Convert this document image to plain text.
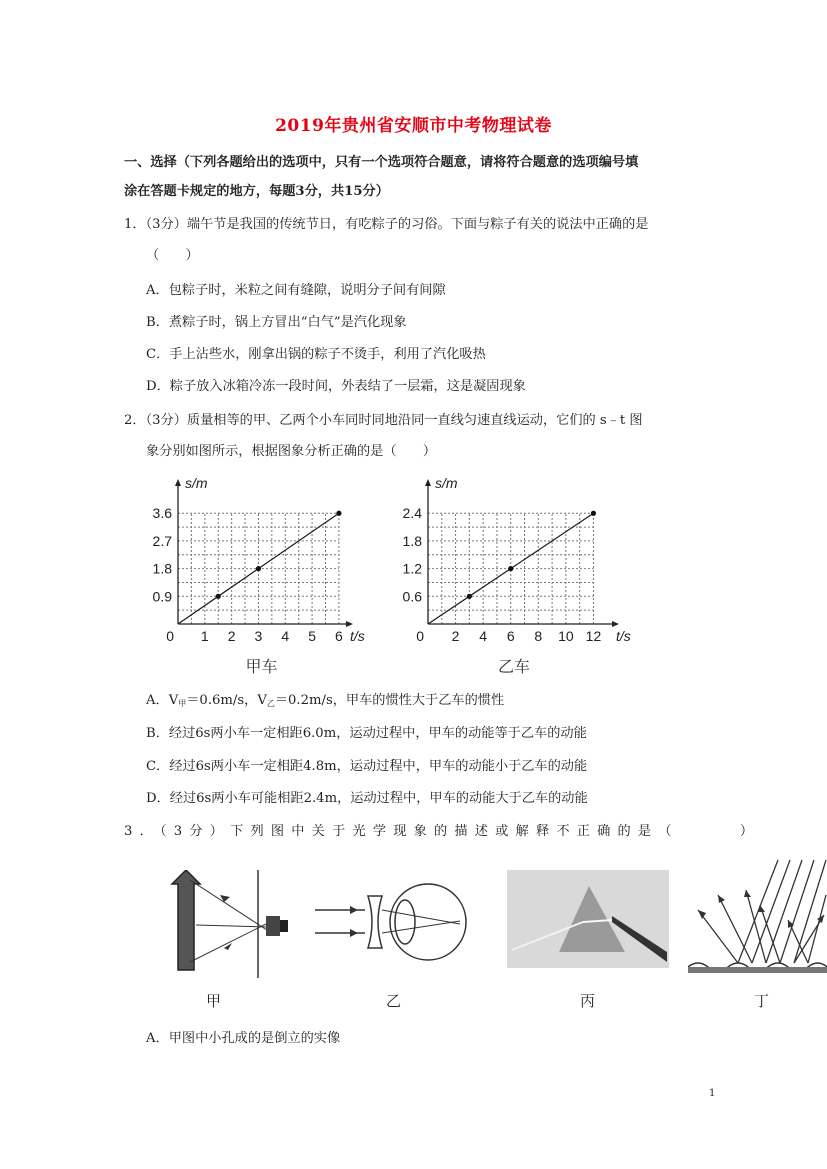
2019年贵州省安顺市中考物理试卷
一、选择（下列各题给出的选项中，只有一个选项符合题意，请将符合题意的选项编号填
涂在答题卡规定的地方，每题3分，共15分）
1．（3分）端午节是我国的传统节日，有吃粽子的习俗。下面与粽子有关的说法中正确的是
（　　）
A．包粽子时，米粒之间有缝隙，说明分子间有间隙
B．煮粽子时，锅上方冒出“白气”是汽化现象
C．手上沾些水，刚拿出锅的粽子不烫手，利用了汽化吸热
D．粽子放入冰箱冷冻一段时间，外表结了一层霜，这是凝固现象
2．（3分）质量相等的甲、乙两个小车同时同地沿同一直线匀速直线运动，它们的 s﹣t 图
象分别如图所示，根据图象分析正确的是（　　）
1 2 3 4 5 6
0.9
1.8
2.7
3.6
0	t/s
s/m
甲车
2 4 6 8 10 12
0.6
1.2
1.8
2.4
0	t/s
s/m
乙车
A．$V_甲=0.6m/s$，$V_乙=0.2m/s$，甲车的惯性大于乙车的惯性
B．经过6s两小车一定相距6.0m，运动过程中，甲车的动能等于乙车的动能
C．经过6s两小车一定相距4.8m，运动过程中，甲车的动能小于乙车的动能
D．经过6s两小车可能相距2.4m，运动过程中，甲车的动能大于乙车的动能
3．（3分）下列图中关于光学现象的描述或解释不正确的是（　　　）
甲	乙	丙	丁
A．甲图中小孔成的是倒立的实像
1
